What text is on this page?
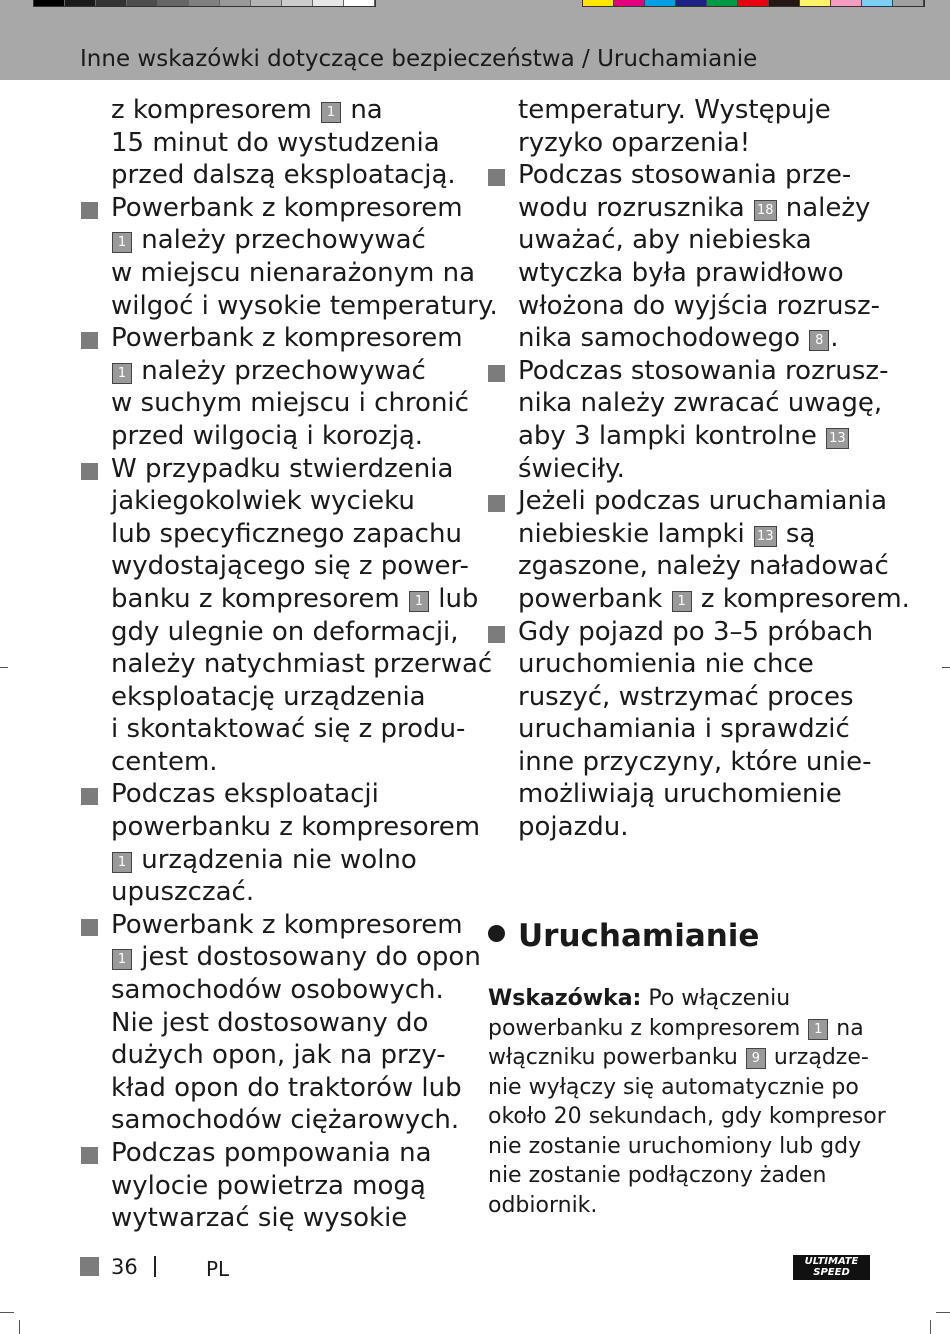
Inne wskazówki dotyczące bezpieczeństwa / Uruchamianie
z kompresorem 1 na
15 minut do wystudzenia
przed dalszą eksploatacją.
Powerbank z kompresorem
1 należy przechowywać
w miejscu nienarażonym na
wilgoć i wysokie temperatury.
Powerbank z kompresorem
1 należy przechowywać
w suchym miejscu i chronić
przed wilgocią i korozją.
W przypadku stwierdzenia
jakiegokolwiek wycieku
lub specyficznego zapachu
wydostającego się z power-
banku z kompresorem 1 lub
gdy ulegnie on deformacji,
należy natychmiast przerwać
eksploatację urządzenia
i skontaktować się z produ-
centem.
Podczas eksploatacji
powerbanku z kompresorem
1 urządzenia nie wolno
upuszczać.
Powerbank z kompresorem
1 jest dostosowany do opon
samochodów osobowych.
Nie jest dostosowany do
dużych opon, jak na przy-
kład opon do traktorów lub
samochodów ciężarowych.
Podczas pompowania na
wylocie powietrza mogą
wytwarzać się wysokie
temperatury. Występuje
ryzyko oparzenia!
Podczas stosowania prze-
wodu rozrusznika 18 należy
uważać, aby niebieska
wtyczka była prawidłowo
włożona do wyjścia rozrusz-
nika samochodowego 8 .
Podczas stosowania rozrusz-
nika należy zwracać uwagę,
aby 3 lampki kontrolne 13
świeciły.
Jeżeli podczas uruchamiania
niebieskie lampki 13 są
zgaszone, należy naładować
powerbank 1 z kompresorem.
Gdy pojazd po 3–5 próbach
uruchomienia nie chce
ruszyć, wstrzymać proces
uruchamiania i sprawdzić
inne przyczyny, które unie-
możliwiają uruchomienie
pojazdu.
Uruchamianie
Wskazówka: Po włączeniu
powerbanku z kompresorem 1 na
włączniku powerbanku 9 urządze-
nie wyłączy się automatycznie po
około 20 sekundach, gdy kompresor
nie zostanie uruchomiony lub gdy
nie zostanie podłączony żaden
odbiornik.
36	PL	ULTIMATE
SPEED
